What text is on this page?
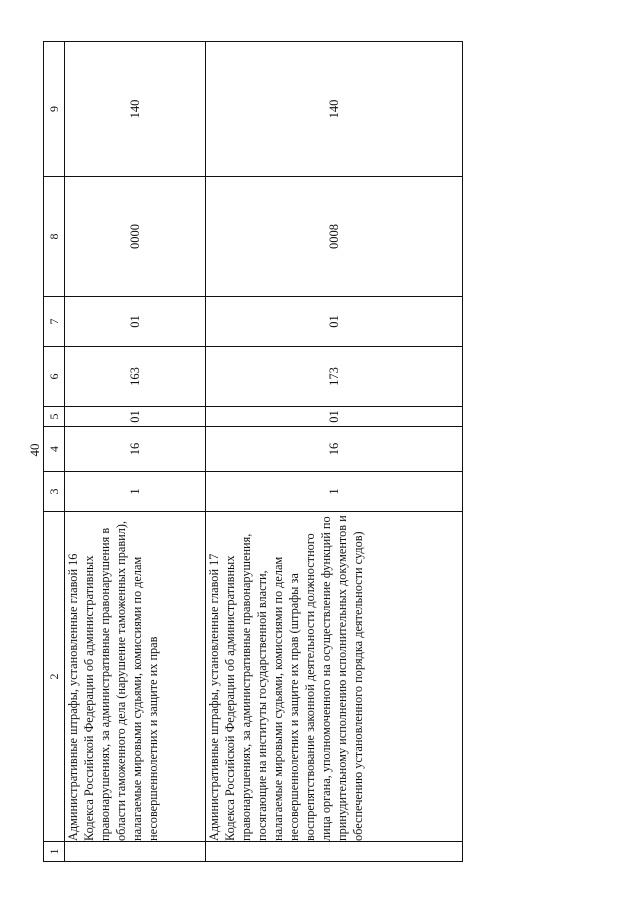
40
1	2	3	4	5	6	7	8	9
	Административные штрафы, установленные главой 16 Кодекса Российской Федерации об административных правонарушениях, за административные правонарушения в области таможенного дела (нарушение таможенных правил), налагаемые мировыми судьями, комиссиями по делам несовершеннолетних и защите их прав	1	16	01	163	01	0000	140
	Административные штрафы, установленные главой 17 Кодекса Российской Федерации об административных правонарушениях, за административные правонарушения, посягающие на институты государственной власти, налагаемые мировыми судьями, комиссиями по делам несовершеннолетних и защите их прав (штрафы за воспрепятствование законной деятельности должностного лица органа, уполномоченного на осуществление функций по принудительному исполнению исполнительных документов и обеспечению установленного порядка деятельности судов)	1	16	01	173	01	0008	140
